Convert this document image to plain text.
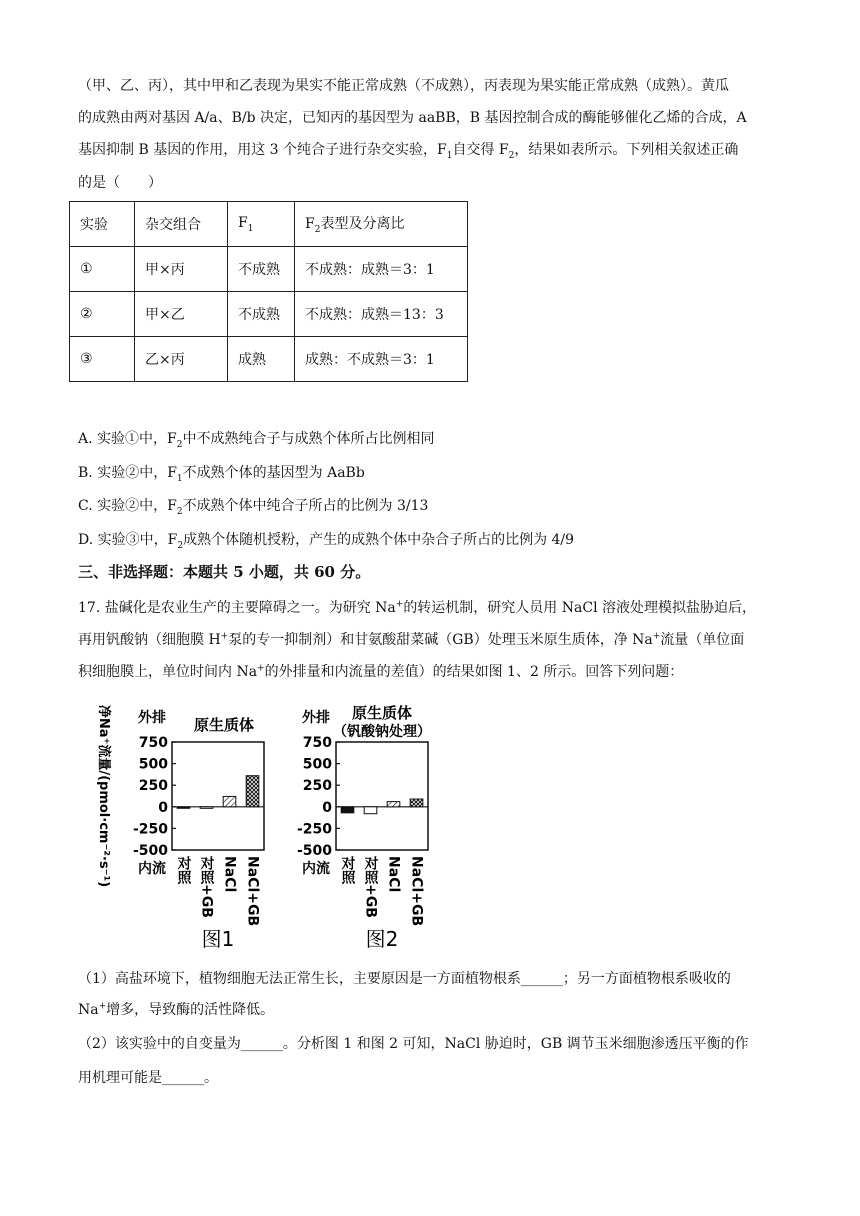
（甲、乙、丙），其中甲和乙表现为果实不能正常成熟（不成熟），丙表现为果实能正常成熟（成熟）。黄瓜
的成熟由两对基因 A/a、B/b 决定，已知丙的基因型为 aaBB，B 基因控制合成的酶能够催化乙烯的合成，A
基因抑制 B 基因的作用，用这 3 个纯合子进行杂交实验，$F_1$自交得 $F_2$，结果如表所示。下列相关叙述正确
的是（　　）
实验	杂交组合	$F_1$	$F_2$表型及分离比
①	甲×丙	不成熟	不成熟：成熟＝3：1
②	甲×乙	不成熟	不成熟：成熟＝13：3
③	乙×丙	成熟	成熟：不成熟＝3：1
A. 实验①中，$F_2$中不成熟纯合子与成熟个体所占比例相同
B. 实验②中，$F_1$不成熟个体的基因型为 AaBb
C. 实验②中，$F_2$不成熟个体中纯合子所占的比例为 3/13
D. 实验③中，$F_2$成熟个体随机授粉，产生的成熟个体中杂合子所占的比例为 4/9
三、非选择题：本题共 5 小题，共 60 分。
17. 盐碱化是农业生产的主要障碍之一。为研究 Na+的转运机制，研究人员用 NaCl 溶液处理模拟盐胁迫后，
再用钒酸钠（细胞膜 H+泵的专一抑制剂）和甘氨酸甜菜碱（GB）处理玉米原生质体，净 Na+流量（单位面
积细胞膜上，单位时间内 Na+的外排量和内流量的差值）的结果如图 1、2 所示。回答下列问题：
原生质体
外排
内流
750
500
250
0
-250
-500
对照 对照+GB NaCl NaCl+GB
图1
净Na⁺流量/(pmol·cm⁻²·s⁻¹)	原生质体
（钒酸钠处理）
外排
内流
750
500
250
0
-250
-500
对照 对照+GB NaCl NaCl+GB
图2
（1）高盐环境下，植物细胞无法正常生长，主要原因是一方面植物根系______；另一方面植物根系吸收的
Na+增多，导致酶的活性降低。
（2）该实验中的自变量为______。分析图 1 和图 2 可知，NaCl 胁迫时，GB 调节玉米细胞渗透压平衡的作
用机理可能是______。
